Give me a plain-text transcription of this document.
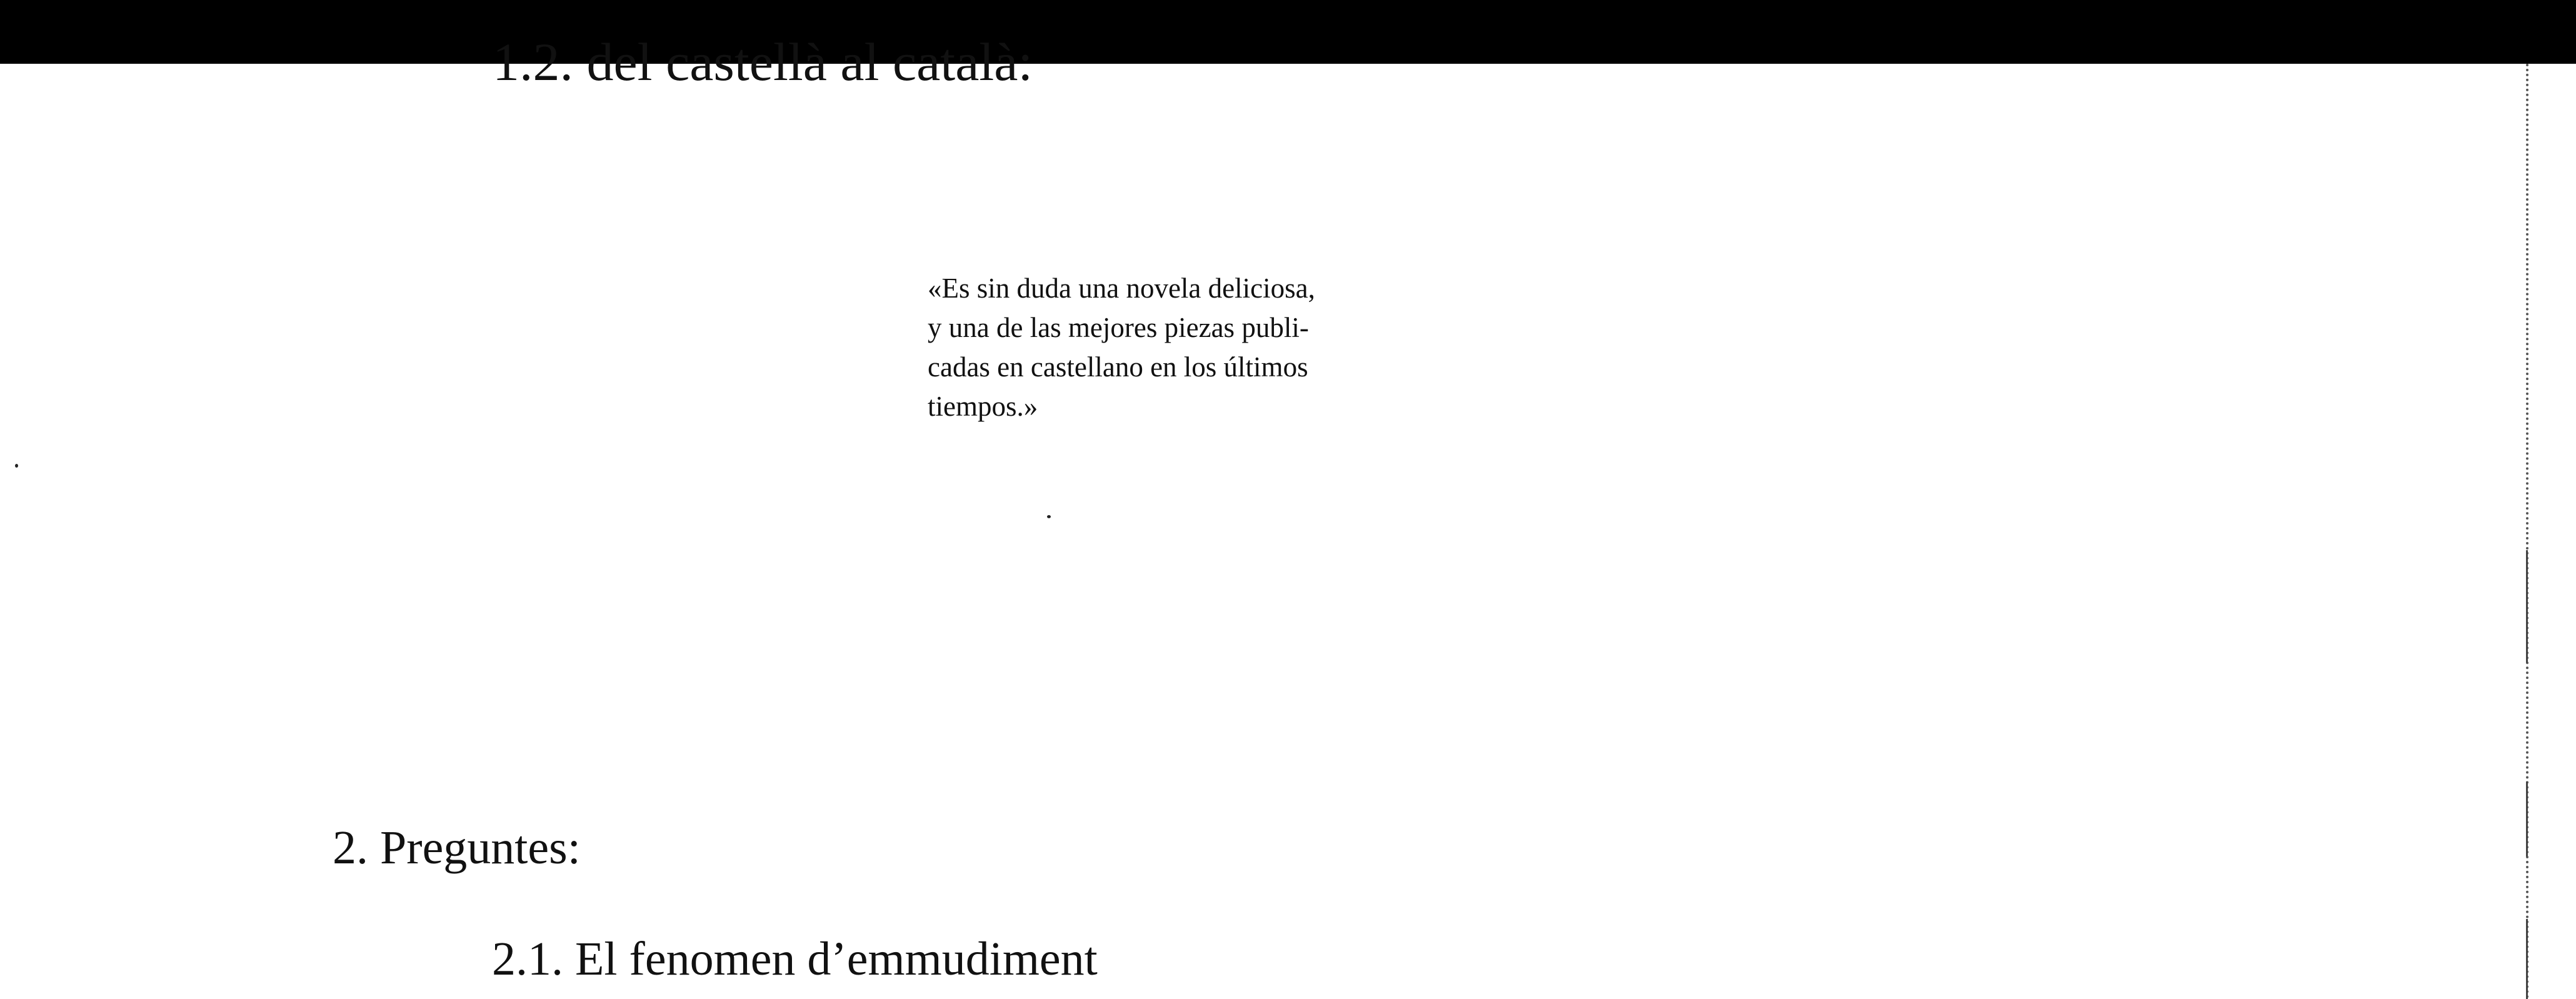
1.2. del castellà al català:
«Es sin duda una novela deliciosa,
y una de las mejores piezas publi-
cadas en castellano en los últimos
tiempos.»
2. Preguntes:
2.1. El fenomen d’emmudiment
